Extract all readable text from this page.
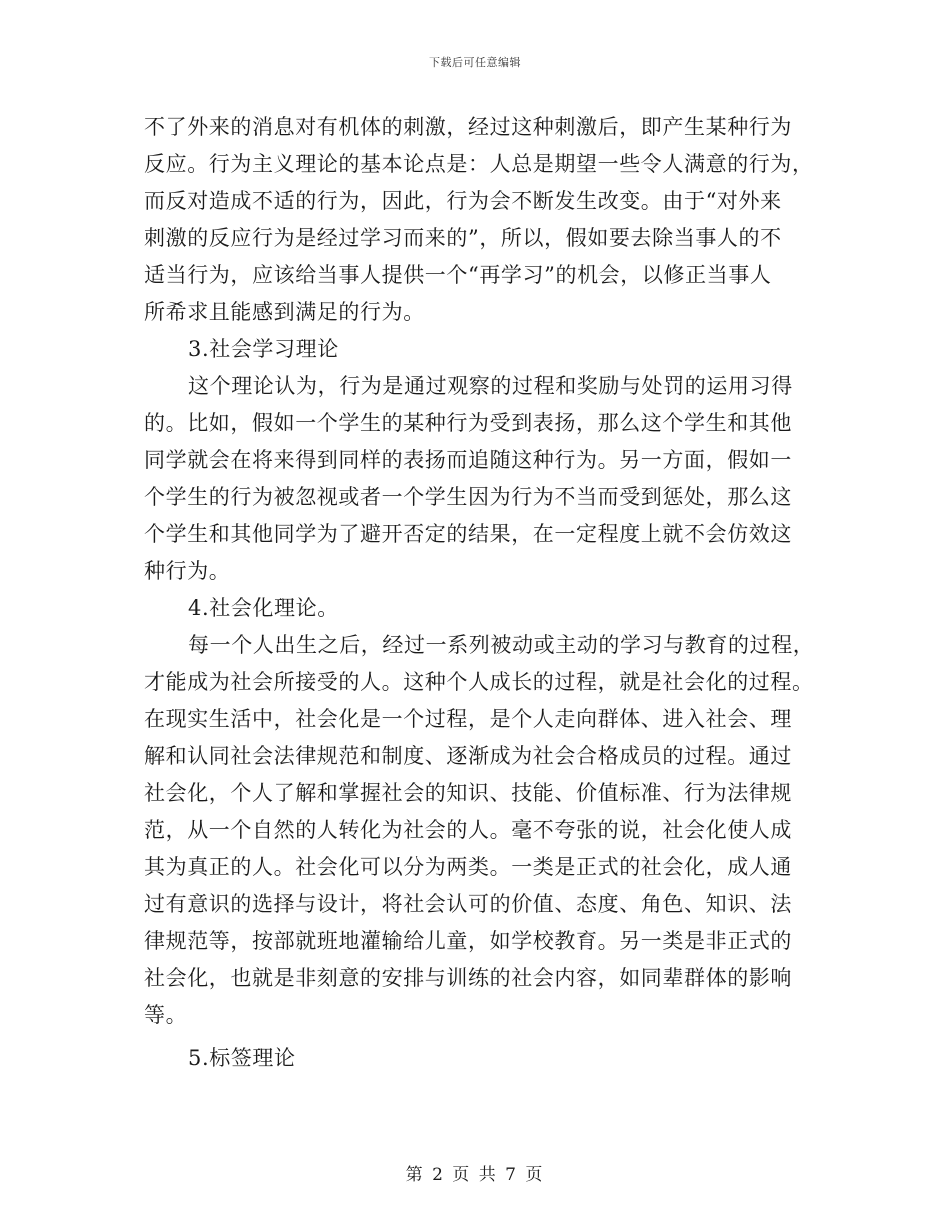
下载后可任意编辑
不了外来的消息对有机体的刺激，经过这种刺激后，即产生某种行为
反应。行为主义理论的基本论点是：人总是期望一些令人满意的行为，
而反对造成不适的行为，因此，行为会不断发生改变。由于“对外来
刺激的反应行为是经过学习而来的”，所以，假如要去除当事人的不
适当行为，应该给当事人提供一个“再学习”的机会，以修正当事人
所希求且能感到满足的行为。
3.社会学习理论
这个理论认为，行为是通过观察的过程和奖励与处罚的运用习得
的。比如，假如一个学生的某种行为受到表扬，那么这个学生和其他
同学就会在将来得到同样的表扬而追随这种行为。另一方面，假如一
个学生的行为被忽视或者一个学生因为行为不当而受到惩处，那么这
个学生和其他同学为了避开否定的结果，在一定程度上就不会仿效这
种行为。
4.社会化理论。
每一个人出生之后，经过一系列被动或主动的学习与教育的过程，
才能成为社会所接受的人。这种个人成长的过程，就是社会化的过程。
在现实生活中，社会化是一个过程，是个人走向群体、进入社会、理
解和认同社会法律规范和制度、逐渐成为社会合格成员的过程。通过
社会化，个人了解和掌握社会的知识、技能、价值标准、行为法律规
范，从一个自然的人转化为社会的人。毫不夸张的说，社会化使人成
其为真正的人。社会化可以分为两类。一类是正式的社会化，成人通
过有意识的选择与设计，将社会认可的价值、态度、角色、知识、法
律规范等，按部就班地灌输给儿童，如学校教育。另一类是非正式的
社会化，也就是非刻意的安排与训练的社会内容，如同辈群体的影响
等。
5.标签理论
第 2 页 共 7 页
